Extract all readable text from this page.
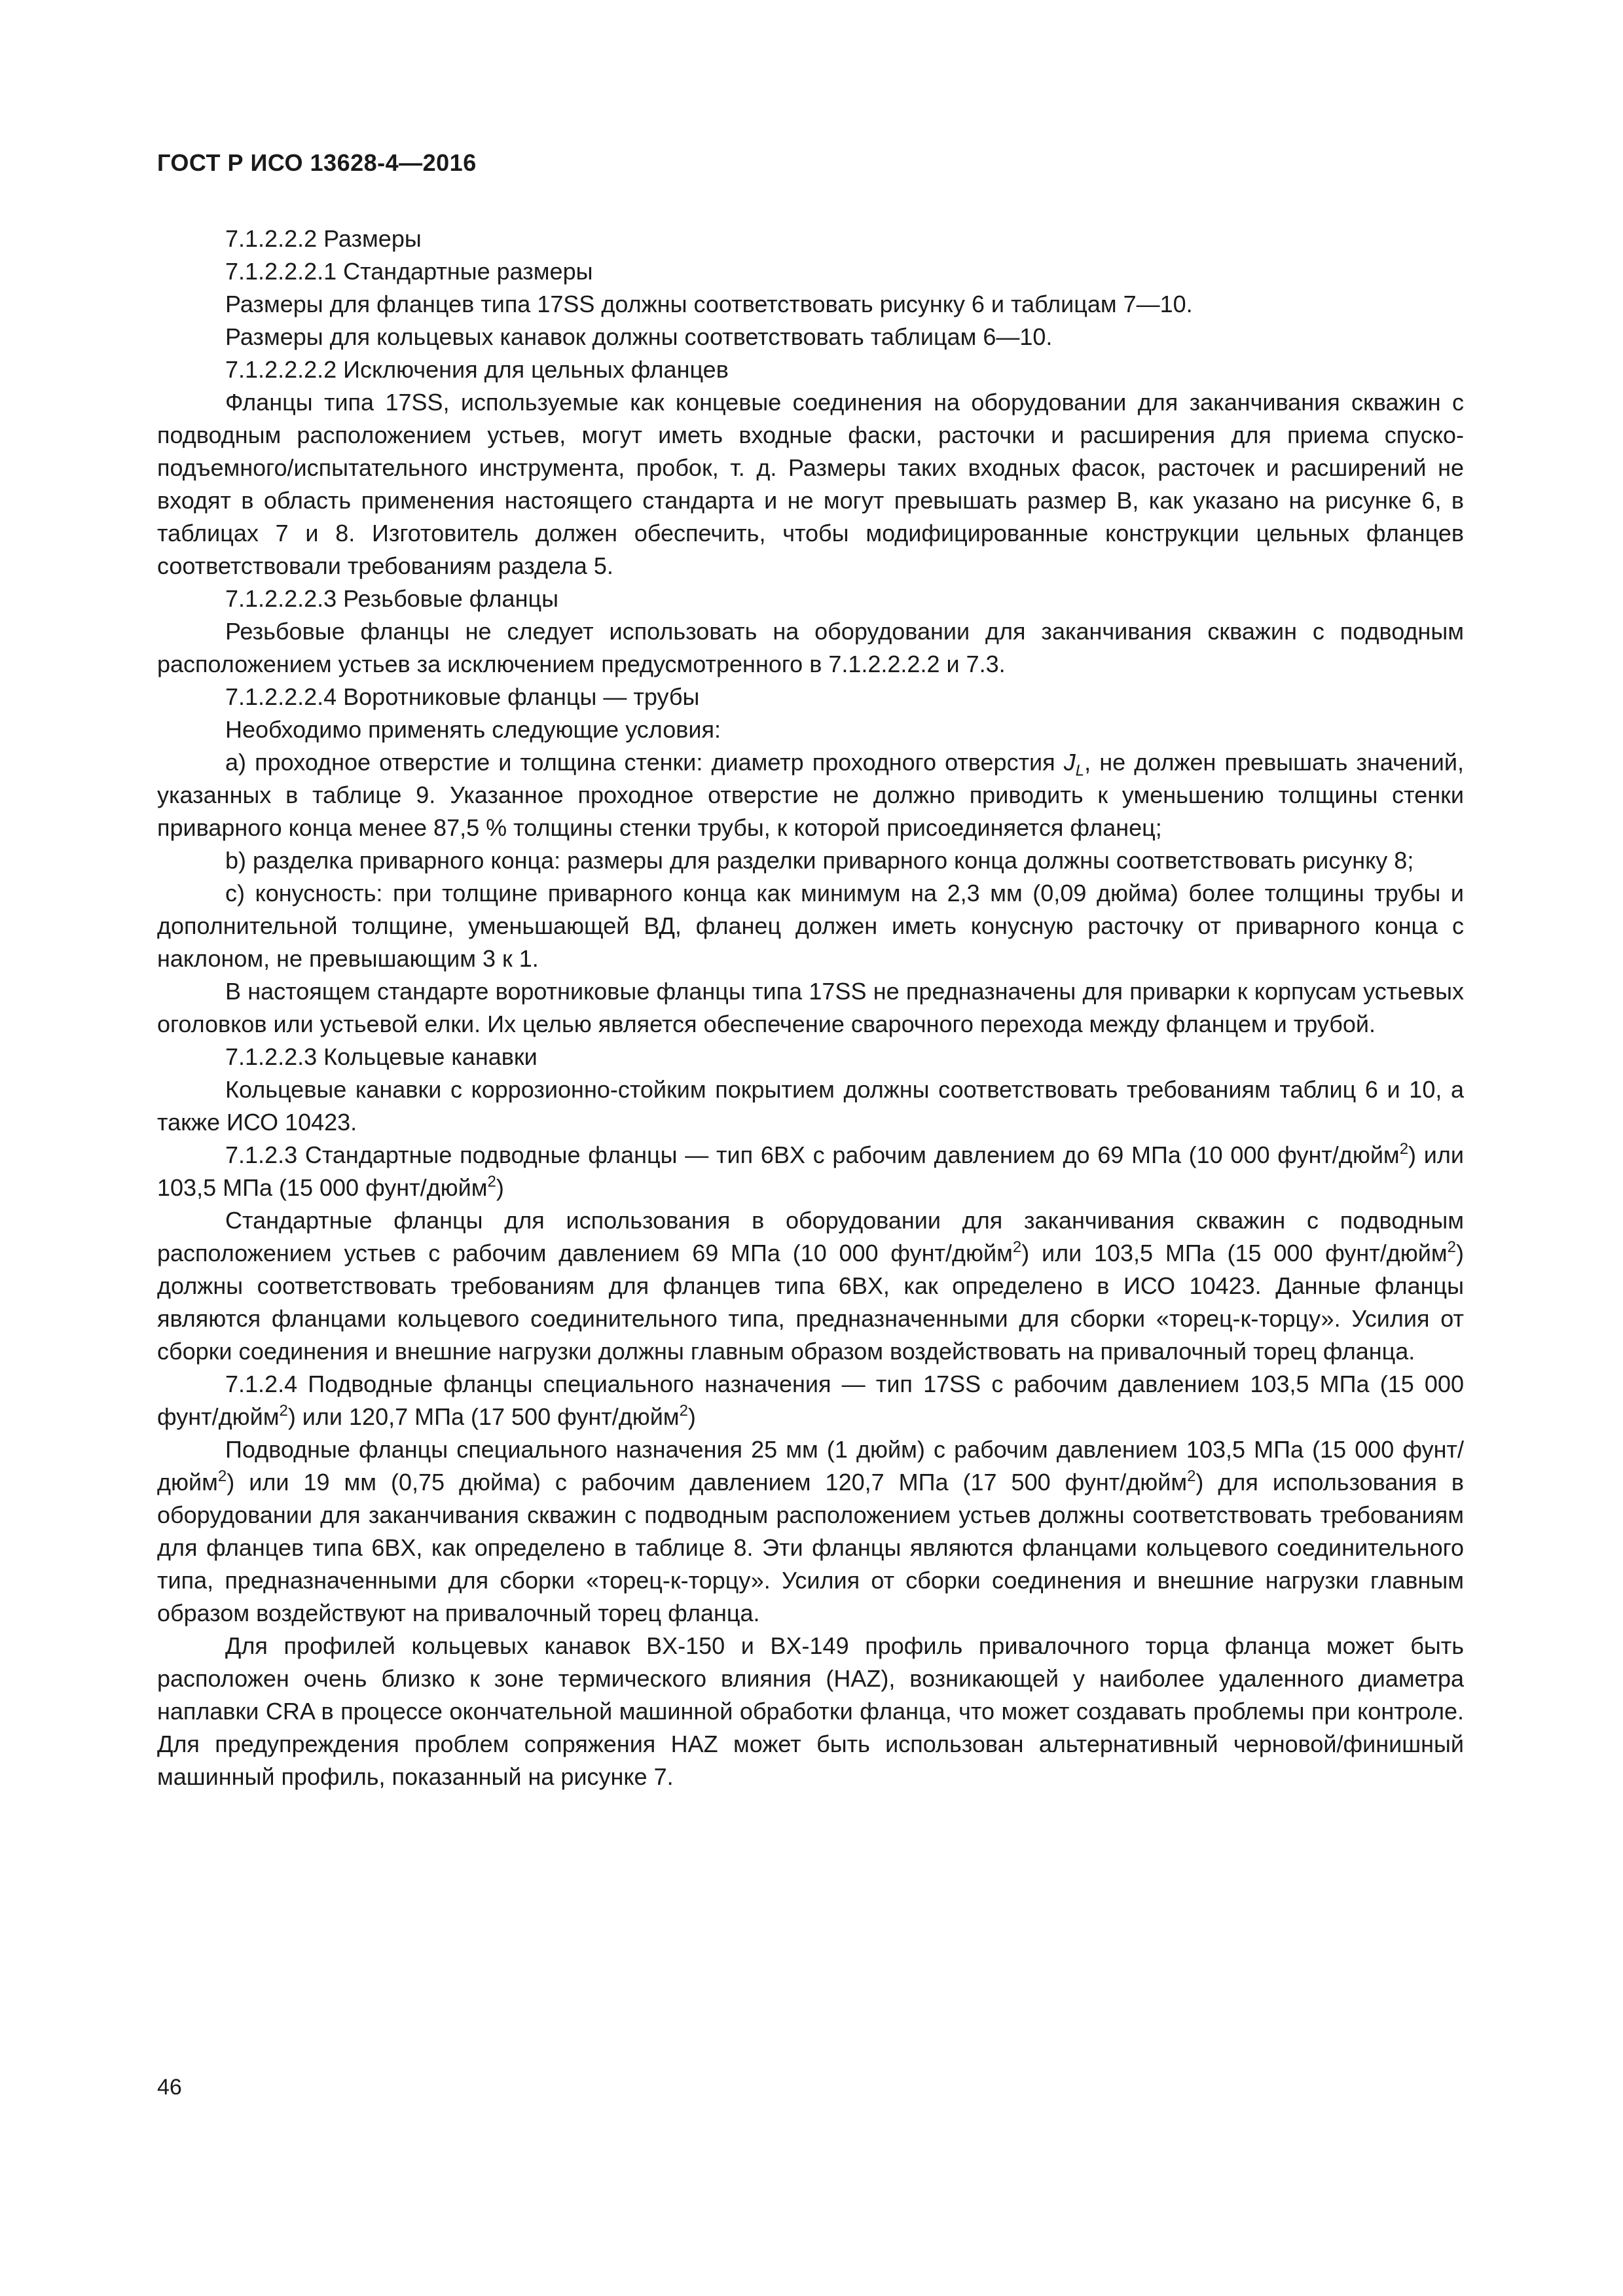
ГОСТ Р ИСО 13628-4—2016

7.1.2.2.2 Размеры

7.1.2.2.2.1 Стандартные размеры

Размеры для фланцев типа 17SS должны соответствовать рисунку 6 и таблицам 7—10.

Размеры для кольцевых канавок должны соответствовать таблицам 6—10.

7.1.2.2.2.2 Исключения для цельных фланцев

Фланцы типа 17SS, используемые как концевые соединения на оборудовании для заканчивания скважин с подводным расположением устьев, могут иметь входные фаски, расточки и расширения для приема спуско-подъемного/испытательного инструмента, пробок, т. д. Размеры таких входных фасок, расточек и расширений не входят в область применения настоящего стандарта и не могут превышать размер B, как указано на рисунке 6, в таблицах 7 и 8. Изготовитель должен обеспечить, чтобы модифицированные конструкции цельных фланцев соответствовали требованиям раздела 5.

7.1.2.2.2.3 Резьбовые фланцы

Резьбовые фланцы не следует использовать на оборудовании для заканчивания скважин с подводным расположением устьев за исключением предусмотренного в 7.1.2.2.2.2 и 7.3.

7.1.2.2.2.4 Воротниковые фланцы — трубы

Необходимо применять следующие условия:

a) проходное отверстие и толщина стенки: диаметр проходного отверстия $J_L$, не должен превышать значений, указанных в таблице 9. Указанное проходное отверстие не должно приводить к уменьшению толщины стенки приварного конца менее 87,5 % толщины стенки трубы, к которой присоединяется фланец;

b) разделка приварного конца: размеры для разделки приварного конца должны соответствовать рисунку 8;

c) конусность: при толщине приварного конца как минимум на 2,3 мм (0,09 дюйма) более толщины трубы и дополнительной толщине, уменьшающей ВД, фланец должен иметь конусную расточку от приварного конца с наклоном, не превышающим 3 к 1.

В настоящем стандарте воротниковые фланцы типа 17SS не предназначены для приварки к корпусам устьевых оголовков или устьевой елки. Их целью является обеспечение сварочного перехода между фланцем и трубой.

7.1.2.2.3 Кольцевые канавки

Кольцевые канавки с коррозионно-стойким покрытием должны соответствовать требованиям таблиц 6 и 10, а также ИСО 10423.

7.1.2.3 Стандартные подводные фланцы — тип 6BX с рабочим давлением до 69 МПа (10 000 фунт/дюйм$^2$) или 103,5 МПа (15 000 фунт/дюйм$^2$)

Стандартные фланцы для использования в оборудовании для заканчивания скважин с подводным расположением устьев с рабочим давлением 69 МПа (10 000 фунт/дюйм$^2$) или 103,5 МПа (15 000 фунт/дюйм$^2$) должны соответствовать требованиям для фланцев типа 6BX, как определено в ИСО 10423. Данные фланцы являются фланцами кольцевого соединительного типа, предназначенными для сборки «торец-к-торцу». Усилия от сборки соединения и внешние нагрузки должны главным образом воздействовать на привалочный торец фланца.

7.1.2.4 Подводные фланцы специального назначения — тип 17SS с рабочим давлением 103,5 МПа (15 000 фунт/дюйм$^2$) или 120,7 МПа (17 500 фунт/дюйм$^2$)

Подводные фланцы специального назначения 25 мм (1 дюйм) с рабочим давлением 103,5 МПа (15 000 фунт/дюйм$^2$) или 19 мм (0,75 дюйма) с рабочим давлением 120,7 МПа (17 500 фунт/дюйм$^2$) для использования в оборудовании для заканчивания скважин с подводным расположением устьев должны соответствовать требованиям для фланцев типа 6BX, как определено в таблице 8. Эти фланцы являются фланцами кольцевого соединительного типа, предназначенными для сборки «торец-к-торцу». Усилия от сборки соединения и внешние нагрузки главным образом воздействуют на привалочный торец фланца.

Для профилей кольцевых канавок BX-150 и BX-149 профиль привалочного торца фланца может быть расположен очень близко к зоне термического влияния (HAZ), возникающей у наиболее удаленного диаметра наплавки CRA в процессе окончательной машинной обработки фланца, что может создавать проблемы при контроле. Для предупреждения проблем сопряжения HAZ может быть использован альтернативный черновой/финишный машинный профиль, показанный на рисунке 7.

46
